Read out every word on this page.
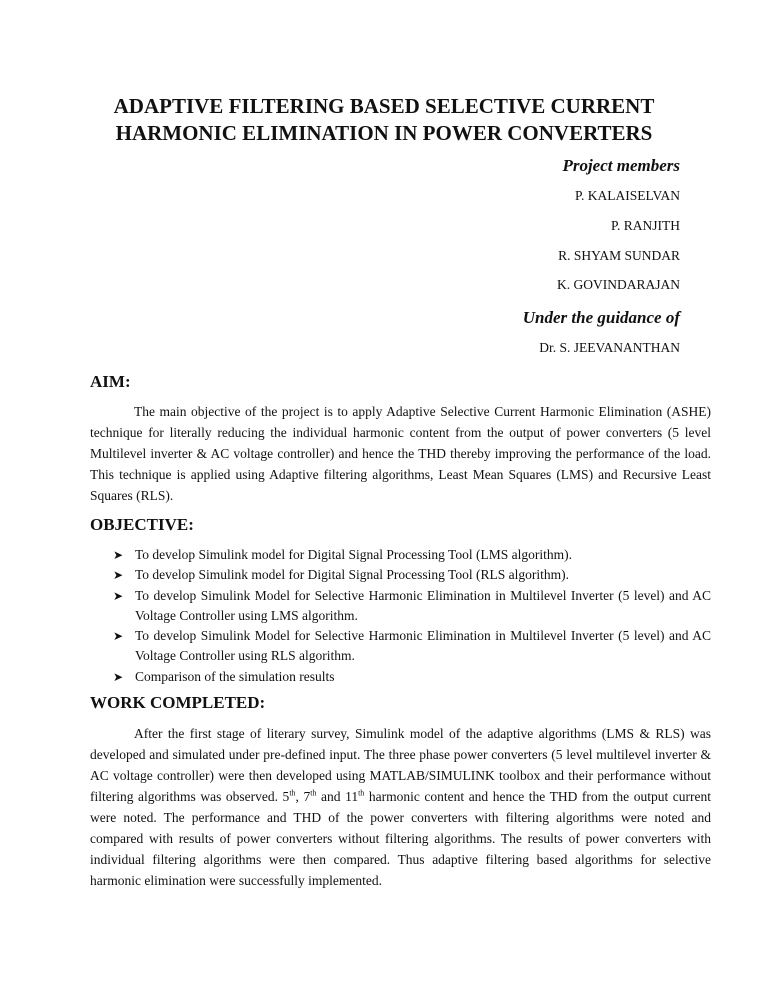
ADAPTIVE FILTERING BASED SELECTIVE CURRENT
HARMONIC ELIMINATION IN POWER CONVERTERS
Project members
P. KALAISELVAN
P. RANJITH
R. SHYAM SUNDAR
K. GOVINDARAJAN
Under the guidance of
Dr. S. JEEVANANTHAN
AIM:

The main objective of the project is to apply Adaptive Selective Current Harmonic Elimination (ASHE) technique for literally reducing the individual harmonic content from the output of power converters (5 level Multilevel inverter & AC voltage controller) and hence the THD thereby improving the performance of the load. This technique is applied using Adaptive filtering algorithms, Least Mean Squares (LMS) and Recursive Least Squares (RLS).

OBJECTIVE:
➤ To develop Simulink model for Digital Signal Processing Tool (LMS algorithm).
➤ To develop Simulink model for Digital Signal Processing Tool (RLS algorithm).
➤ To develop Simulink Model for Selective Harmonic Elimination in Multilevel Inverter (5 level) and AC Voltage Controller using LMS algorithm.
➤ To develop Simulink Model for Selective Harmonic Elimination in Multilevel Inverter (5 level) and AC Voltage Controller using RLS algorithm.
➤ Comparison of the simulation results
WORK COMPLETED:

After the first stage of literary survey, Simulink model of the adaptive algorithms (LMS & RLS) was developed and simulated under pre-defined input. The three phase power converters (5 level multilevel inverter & AC voltage controller) were then developed using MATLAB/SIMULINK toolbox and their performance without filtering algorithms was observed. 5th, 7th and 11th harmonic content and hence the THD from the output current were noted. The performance and THD of the power converters with filtering algorithms were noted and compared with results of power converters without filtering algorithms. The results of power converters with individual filtering algorithms were then compared. Thus adaptive filtering based algorithms for selective harmonic elimination were successfully implemented.
